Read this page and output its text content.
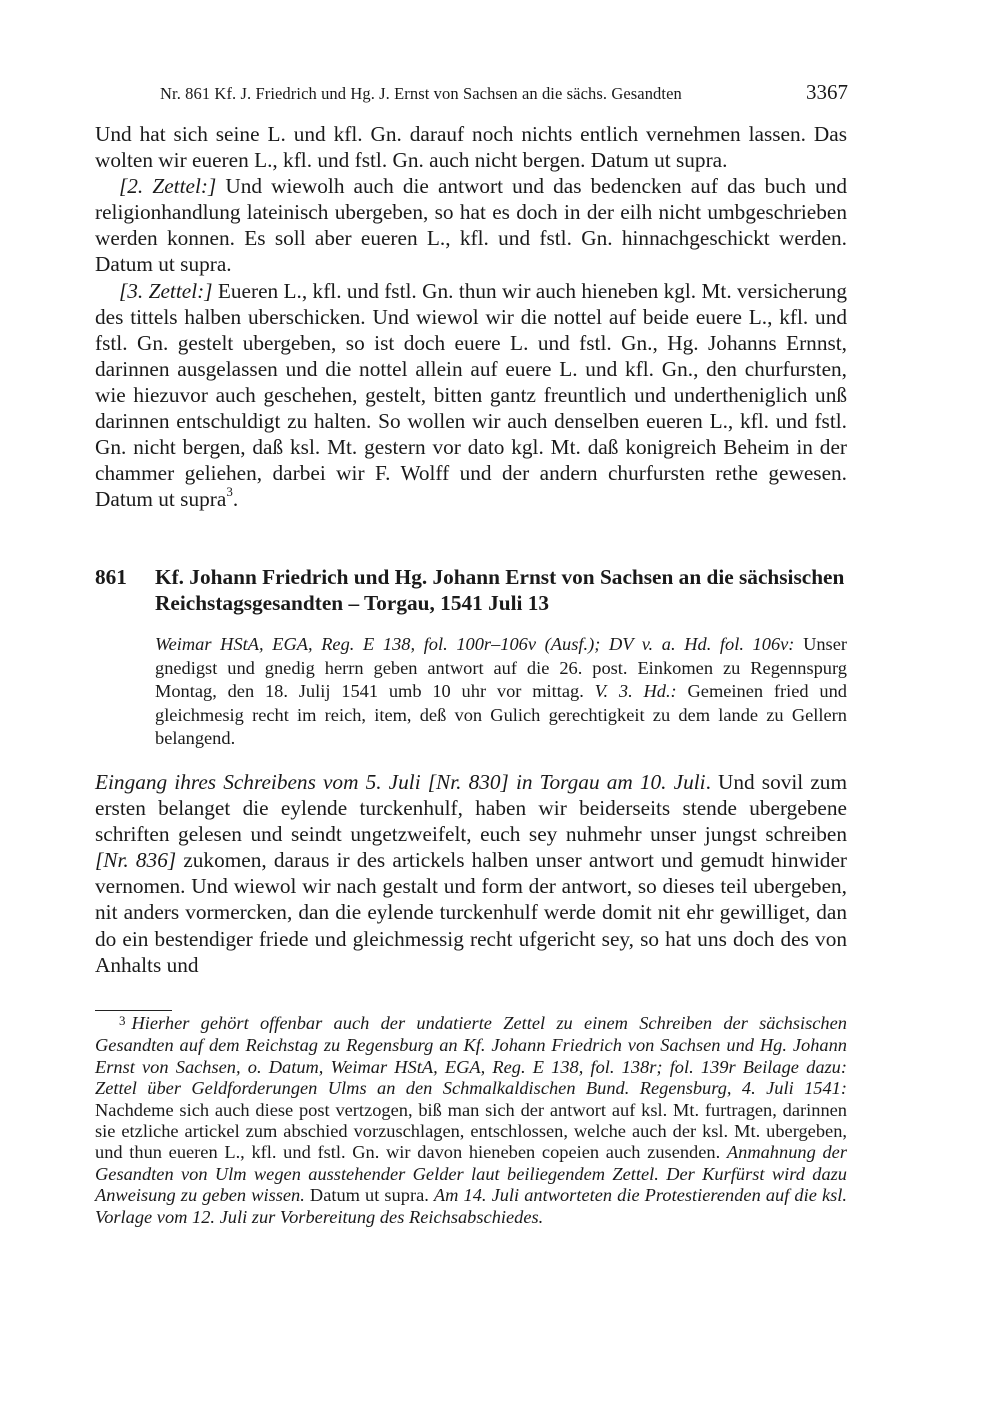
Nr. 861 Kf. J. Friedrich und Hg. J. Ernst von Sachsen an die sächs. Gesandten	3367

Und hat sich seine L. und kfl. Gn. darauf noch nichts entlich vernehmen lassen. Das wolten wir eueren L., kfl. und fstl. Gn. auch nicht bergen. Datum ut supra.

[2. Zettel:] Und wiewolh auch die antwort und das bedencken auf das buch und religionhandlung lateinisch ubergeben, so hat es doch in der eilh nicht umbgeschrieben werden konnen. Es soll aber eueren L., kfl. und fstl. Gn. hinnachgeschickt werden. Datum ut supra.

[3. Zettel:] Eueren L., kfl. und fstl. Gn. thun wir auch hieneben kgl. Mt. versicherung des tittels halben uberschicken. Und wiewol wir die nottel auf beide euere L., kfl. und fstl. Gn. gestelt ubergeben, so ist doch euere L. und fstl. Gn., Hg. Johanns Ernnst, darinnen ausgelassen und die nottel allein auf euere L. und kfl. Gn., den churfursten, wie hiezuvor auch geschehen, gestelt, bitten gantz freuntlich und undertheniglich unß darinnen entschuldigt zu halten. So wollen wir auch denselben eueren L., kfl. und fstl. Gn. nicht bergen, daß ksl. Mt. gestern vor dato kgl. Mt. daß konigreich Beheim in der chammer geliehen, darbei wir F. Wolff und der andern churfursten rethe gewesen. Datum ut supra$^3$.

861 Kf. Johann Friedrich und Hg. Johann Ernst von Sachsen an die sächsischen Reichstagsgesandten – Torgau, 1541 Juli 13

Weimar HStA, EGA, Reg. E 138, fol. 100r–106v (Ausf.); DV v. a. Hd. fol. 106v: Unser gnedigst und gnedig herrn geben antwort auf die 26. post. Einkomen zu Regennspurg Montag, den 18. Julij 1541 umb 10 uhr vor mittag. V. 3. Hd.: Gemeinen fried und gleichmesig recht im reich, item, deß von Gulich gerechtigkeit zu dem lande zu Gellern belangend.

Eingang ihres Schreibens vom 5. Juli [Nr. 830] in Torgau am 10. Juli. Und sovil zum ersten belanget die eylende turckenhulf, haben wir beiderseits stende ubergebene schriften gelesen und seindt ungetzweifelt, euch sey nuhmehr unser jungst schreiben [Nr. 836] zukomen, daraus ir des artickels halben unser antwort und gemudt hinwider vernomen. Und wiewol wir nach gestalt und form der antwort, so dieses teil ubergeben, nit anders vormercken, dan die eylende turckenhulf werde domit nit ehr gewilliget, dan do ein bestendiger friede und gleichmessig recht ufgericht sey, so hat uns doch des von Anhalts und

$^3$ Hierher gehört offenbar auch der undatierte Zettel zu einem Schreiben der sächsischen Gesandten auf dem Reichstag zu Regensburg an Kf. Johann Friedrich von Sachsen und Hg. Johann Ernst von Sachsen, o. Datum, Weimar HStA, EGA, Reg. E 138, fol. 138r; fol. 139r Beilage dazu: Zettel über Geldforderungen Ulms an den Schmalkaldischen Bund. Regensburg, 4. Juli 1541: Nachdeme sich auch diese post vertzogen, biß man sich der antwort auf ksl. Mt. furtragen, darinnen sie etzliche artickel zum abschied vorzuschlagen, entschlossen, welche auch der ksl. Mt. ubergeben, und thun eueren L., kfl. und fstl. Gn. wir davon hieneben copeien auch zusenden. Anmahnung der Gesandten von Ulm wegen ausstehender Gelder laut beiliegendem Zettel. Der Kurfürst wird dazu Anweisung zu geben wissen. Datum ut supra. Am 14. Juli antworteten die Protestierenden auf die ksl. Vorlage vom 12. Juli zur Vorbereitung des Reichsabschiedes.
